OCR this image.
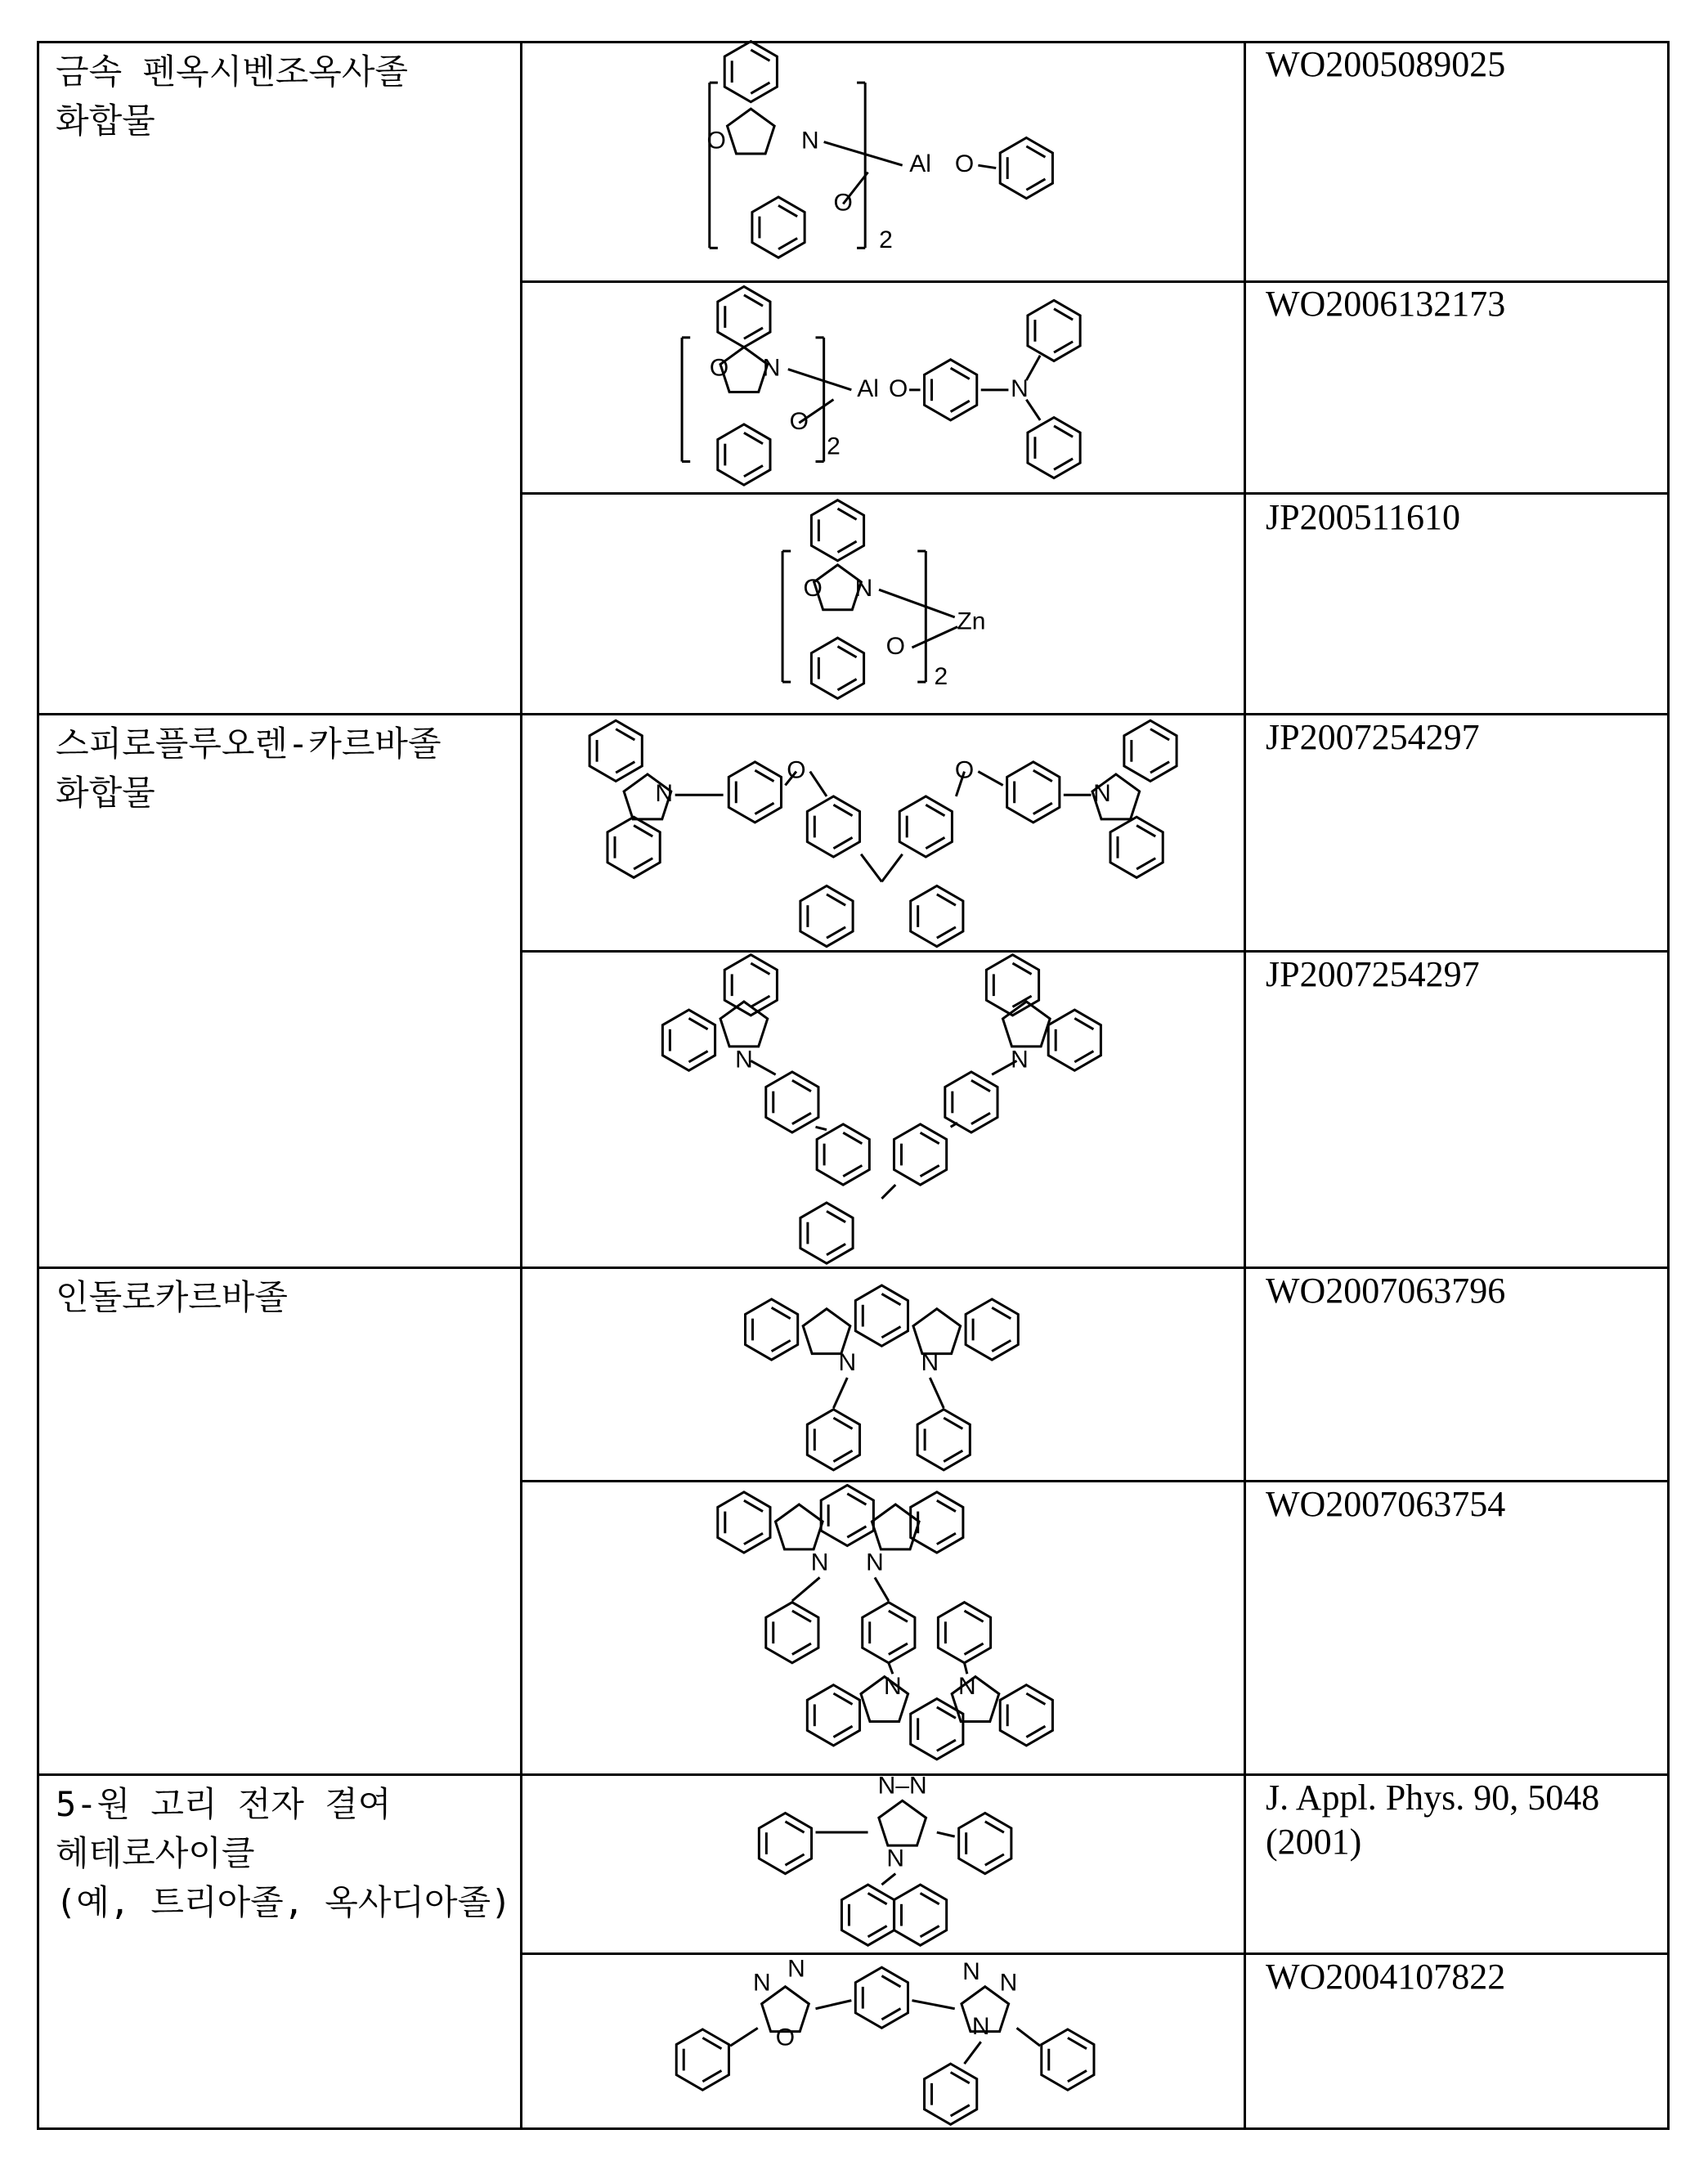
금속 펜옥시벤조옥사졸
화합물
스피로플루오렌-카르바졸
화합물
인돌로카르바졸
5-원 고리 전자 결여
헤테로사이클
(예, 트리아졸, 옥사디아졸)
WO2005089025
WO2006132173
JP200511610
JP2007254297
JP2007254297
WO2007063796
WO2007063754
J. Appl. Phys. 90, 5048 (2001)
WO2004107822
O	N
Al O
O
2
O N
Al O
O
2
N
O N
Zn
O
2
N
O	O
N
N	N
N	N
N N
N N
N–N
N
N
N
O
N N
N
